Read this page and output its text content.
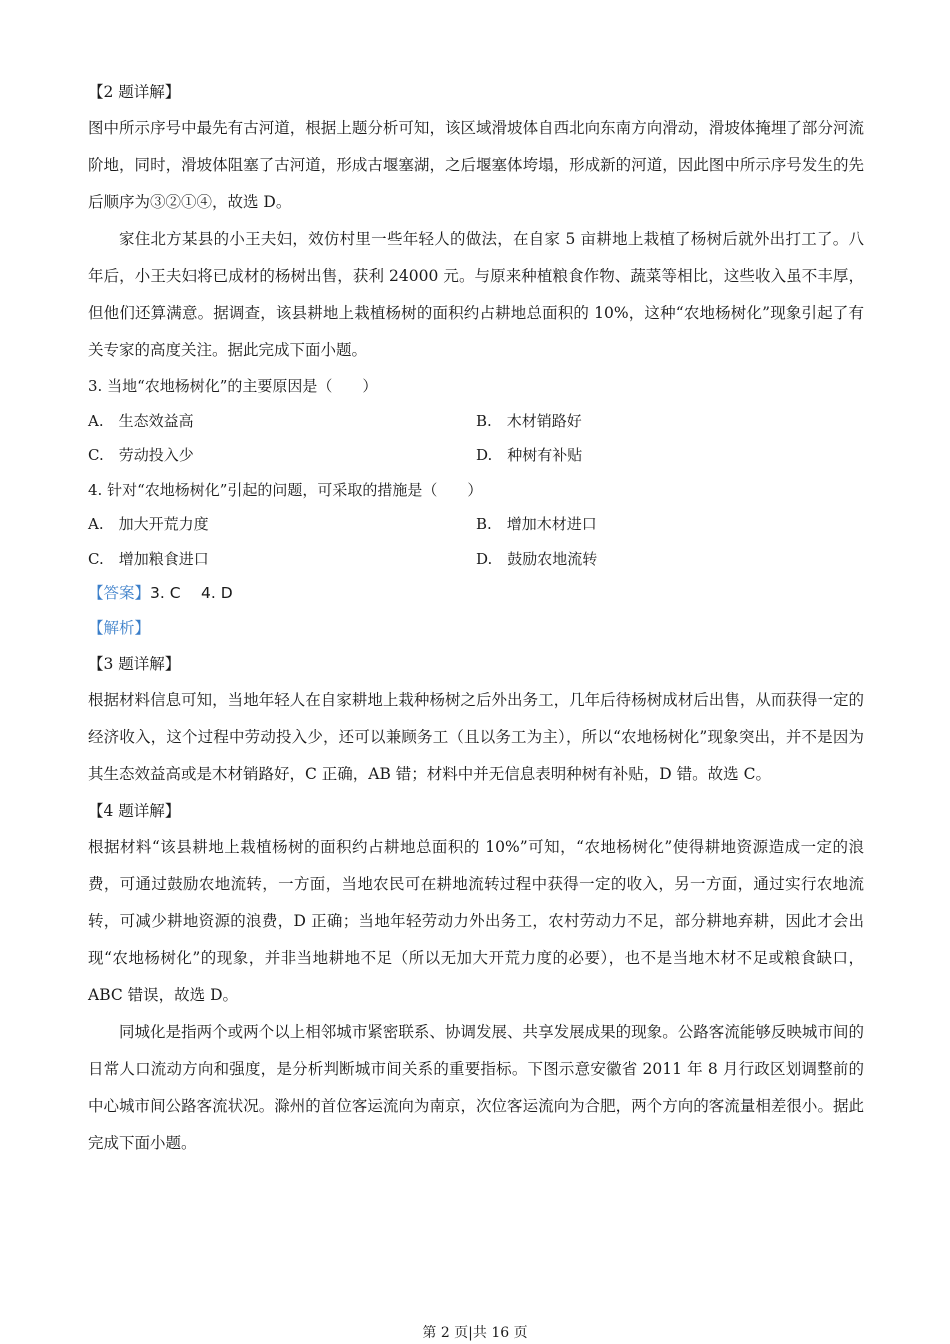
【2 题详解】

图中所示序号中最先有古河道，根据上题分析可知，该区域滑坡体自西北向东南方向滑动，滑坡体掩埋了部分河流阶地，同时，滑坡体阻塞了古河道，形成古堰塞湖，之后堰塞体垮塌，形成新的河道，因此图中所示序号发生的先后顺序为③②①④，故选 D。

家住北方某县的小王夫妇，效仿村里一些年轻人的做法，在自家 5 亩耕地上栽植了杨树后就外出打工了。八年后，小王夫妇将已成材的杨树出售，获利 24000 元。与原来种植粮食作物、蔬菜等相比，这些收入虽不丰厚，但他们还算满意。据调查，该县耕地上栽植杨树的面积约占耕地总面积的 10%，这种“农地杨树化”现象引起了有关专家的高度关注。据此完成下面小题。

3. 当地“农地杨树化”的主要原因是（　　）

A.　生态效益高	B.　木材销路好
C.　劳动投入少	D.　种树有补贴

4. 针对“农地杨树化”引起的问题，可采取的措施是（　　）

A.　加大开荒力度	B.　增加木材进口
C.　增加粮食进口	D.　鼓励农地流转

【答案】3. C　 4. D

【解析】

【3 题详解】

根据材料信息可知，当地年轻人在自家耕地上栽种杨树之后外出务工，几年后待杨树成材后出售，从而获得一定的经济收入，这个过程中劳动投入少，还可以兼顾务工（且以务工为主），所以“农地杨树化”现象突出，并不是因为其生态效益高或是木材销路好，C 正确，AB 错；材料中并无信息表明种树有补贴，D 错。故选 C。

【4 题详解】

根据材料“该县耕地上栽植杨树的面积约占耕地总面积的 10%”可知，“农地杨树化”使得耕地资源造成一定的浪费，可通过鼓励农地流转，一方面，当地农民可在耕地流转过程中获得一定的收入，另一方面，通过实行农地流转，可减少耕地资源的浪费，D 正确；当地年轻劳动力外出务工，农村劳动力不足，部分耕地弃耕，因此才会出现“农地杨树化”的现象，并非当地耕地不足（所以无加大开荒力度的必要），也不是当地木材不足或粮食缺口，ABC 错误，故选 D。

同城化是指两个或两个以上相邻城市紧密联系、协调发展、共享发展成果的现象。公路客流能够反映城市间的日常人口流动方向和强度，是分析判断城市间关系的重要指标。下图示意安徽省 2011 年 8 月行政区划调整前的中心城市间公路客流状况。滁州的首位客运流向为南京，次位客运流向为合肥，两个方向的客流量相差很小。据此完成下面小题。

第 2 页|共 16 页
